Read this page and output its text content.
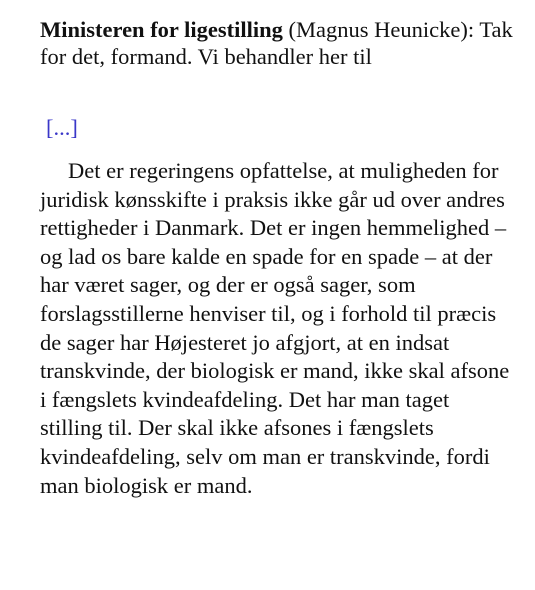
Ministeren for ligestilling (Magnus Heunicke): Tak for det, formand. Vi behandler her til
[...]
Det er regeringens opfattelse, at muligheden for juridisk kønsskifte i praksis ikke går ud over andres rettigheder i Danmark. Det er ingen hemmelighed – og lad os bare kalde en spade for en spade – at der har været sager, og der er også sager, som forslagsstillerne henviser til, og i forhold til præcis de sager har Højesteret jo afgjort, at en indsat transkvinde, der biologisk er mand, ikke skal afsone i fængslets kvindeafdeling. Det har man taget stilling til. Der skal ikke afsones i fængslets kvindeafdeling, selv om man er transkvinde, fordi man biologisk er mand.
